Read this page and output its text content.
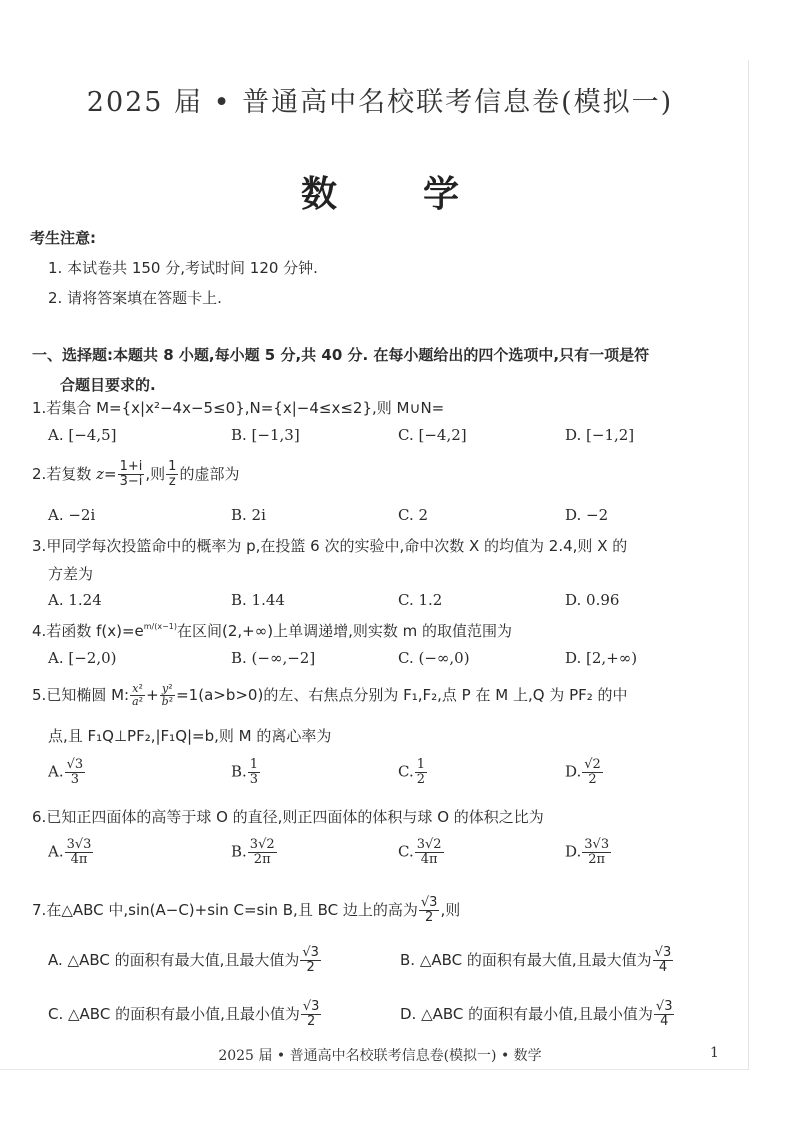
2025 届 • 普通高中名校联考信息卷(模拟一)
数 学
考生注意:
1. 本试卷共 150 分,考试时间 120 分钟.
2. 请将答案填在答题卡上.
一、选择题:本题共 8 小题,每小题 5 分,共 40 分. 在每小题给出的四个选项中,只有一项是符
合题目要求的.
1.若集合 M={x|x²−4x−5≤0},N={x|−4≤x≤2},则 M∪N=
A. [−4,5]	B. [−1,3]	C. [−4,2]	D. [−1,2]
2.若复数 $z= \frac{1+i}{3-i}$ ,则 $\frac{1}{z}$ 的虚部为
A. −2i	B. 2i	C. 2	D. −2
3.甲同学每次投篮命中的概率为 p,在投篮 6 次的实验中,命中次数 X 的均值为 2.4,则 X 的
方差为
A. 1.24	B. 1.44	C. 1.2	D. 0.96
4.若函数 $f(x)=e^{m/(x-1)}$在区间(2,+∞)上单调递增,则实数 m 的取值范围为
A. [−2,0)	B. (−∞,−2]	C. (−∞,0)	D. [2,+∞)
5.已知椭圆 M: $\frac{\text{x²}}{\text{a²}} + \frac{\text{y²}}{\text{b²}} =1(a>b>0)$的左、右焦点分别为 F₁,F₂,点 P 在 M 上,Q 为 PF₂ 的中
点,且 F₁Q⊥PF₂,|F₁Q|=b,则 M 的离心率为
A. $\frac{√3}{3}$	B. $\frac{1}{3}$	C. $\frac{1}{2}$	D. $\frac{√2}{2}$
6.已知正四面体的高等于球 O 的直径,则正四面体的体积与球 O 的体积之比为
A. $\frac{3√3}{4\pi}$	B. $\frac{3√2}{2\pi}$	C. $\frac{3√2}{4\pi}$	D. $\frac{3√3}{2\pi}$
7.在△ABC 中,sin(A−C)+sin C=sin B,且 BC 边上的高为 $\frac{√3}{2}$ ,则
A. △ABC 的面积有最大值,且最大值为 $\frac{√3}{2}$	B. △ABC 的面积有最大值,且最大值为 $\frac{√3}{4}$
C. △ABC 的面积有最小值,且最小值为 $\frac{√3}{2}$	D. △ABC 的面积有最小值,且最小值为 $\frac{√3}{4}$
2025 届 • 普通高中名校联考信息卷(模拟一) • 数学	1
